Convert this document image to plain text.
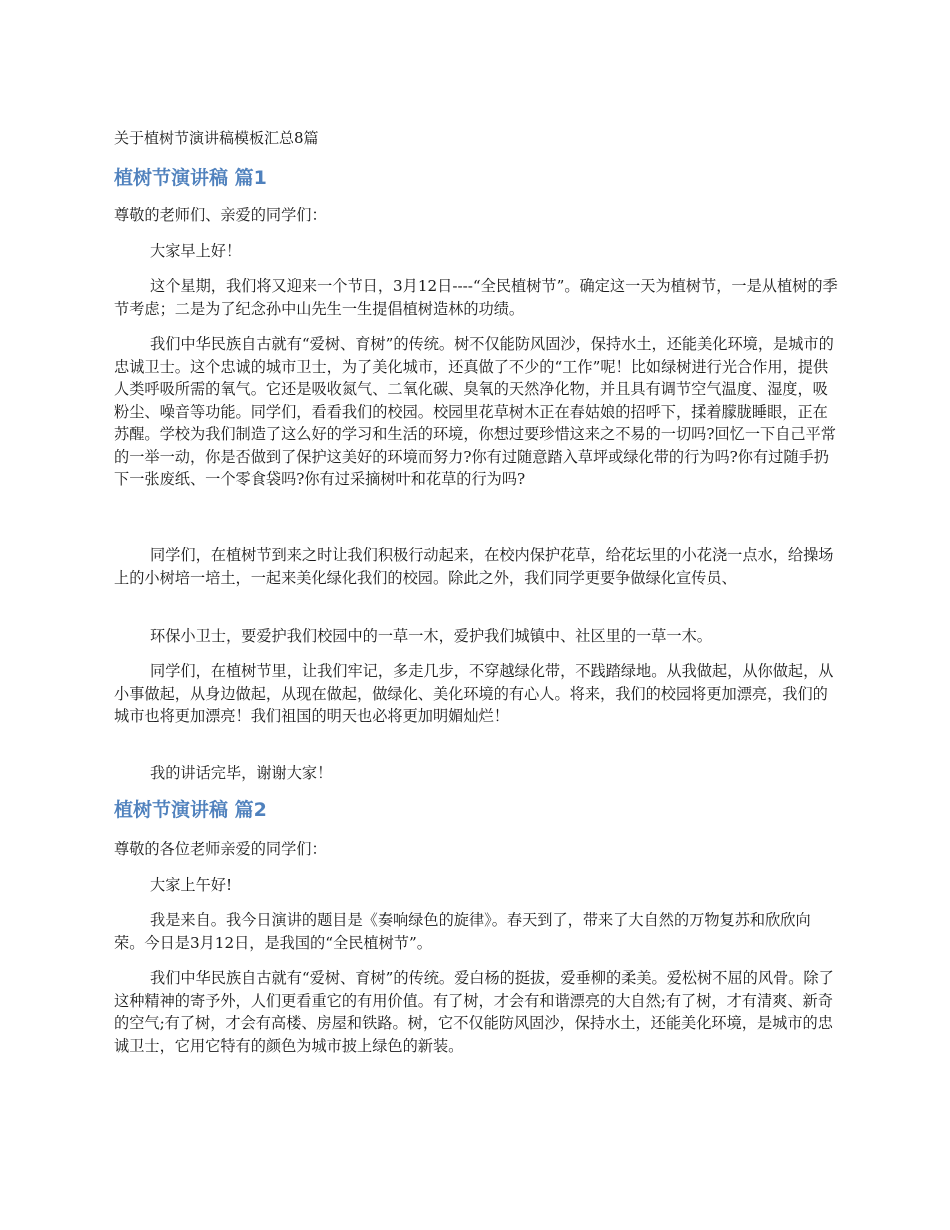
关于植树节演讲稿模板汇总8篇
植树节演讲稿 篇1

尊敬的老师们、亲爱的同学们：

大家早上好！

这个星期，我们将又迎来一个节日，3月12日----“全民植树节”。确定这一天为植树节，一是从植树的季节考虑；二是为了纪念孙中山先生一生提倡植树造林的功绩。

我们中华民族自古就有“爱树、育树”的传统。树不仅能防风固沙，保持水土，还能美化环境，是城市的忠诚卫士。这个忠诚的城市卫士，为了美化城市，还真做了不少的“工作”呢！比如绿树进行光合作用，提供人类呼吸所需的氧气。它还是吸收氮气、二氧化碳、臭氧的天然净化物，并且具有调节空气温度、湿度，吸粉尘、噪音等功能。同学们，看看我们的校园。校园里花草树木正在春姑娘的招呼下，揉着朦胧睡眼，正在苏醒。学校为我们制造了这么好的学习和生活的环境，你想过要珍惜这来之不易的一切吗?回忆一下自己平常的一举一动，你是否做到了保护这美好的环境而努力?你有过随意踏入草坪或绿化带的行为吗?你有过随手扔下一张废纸、一个零食袋吗?你有过采摘树叶和花草的行为吗?

同学们，在植树节到来之时让我们积极行动起来，在校内保护花草，给花坛里的小花浇一点水，给操场上的小树培一培土，一起来美化绿化我们的校园。除此之外，我们同学更要争做绿化宣传员、

环保小卫士，要爱护我们校园中的一草一木，爱护我们城镇中、社区里的一草一木。

同学们，在植树节里，让我们牢记，多走几步，不穿越绿化带，不践踏绿地。从我做起，从你做起，从小事做起，从身边做起，从现在做起，做绿化、美化环境的有心人。将来，我们的校园将更加漂亮，我们的城市也将更加漂亮！我们祖国的明天也必将更加明媚灿烂！

我的讲话完毕，谢谢大家！

植树节演讲稿 篇2

尊敬的各位老师亲爱的同学们：

大家上午好!

我是来自。我今日演讲的题目是《奏响绿色的旋律》。春天到了，带来了大自然的万物复苏和欣欣向荣。今日是3月12日，是我国的“全民植树节”。

我们中华民族自古就有“爱树、育树”的传统。爱白杨的挺拔，爱垂柳的柔美。爱松树不屈的风骨。除了这种精神的寄予外，人们更看重它的有用价值。有了树，才会有和谐漂亮的大自然;有了树，才有清爽、新奇的空气;有了树，才会有高楼、房屋和铁路。树，它不仅能防风固沙，保持水土，还能美化环境，是城市的忠诚卫士，它用它特有的颜色为城市披上绿色的新装。
